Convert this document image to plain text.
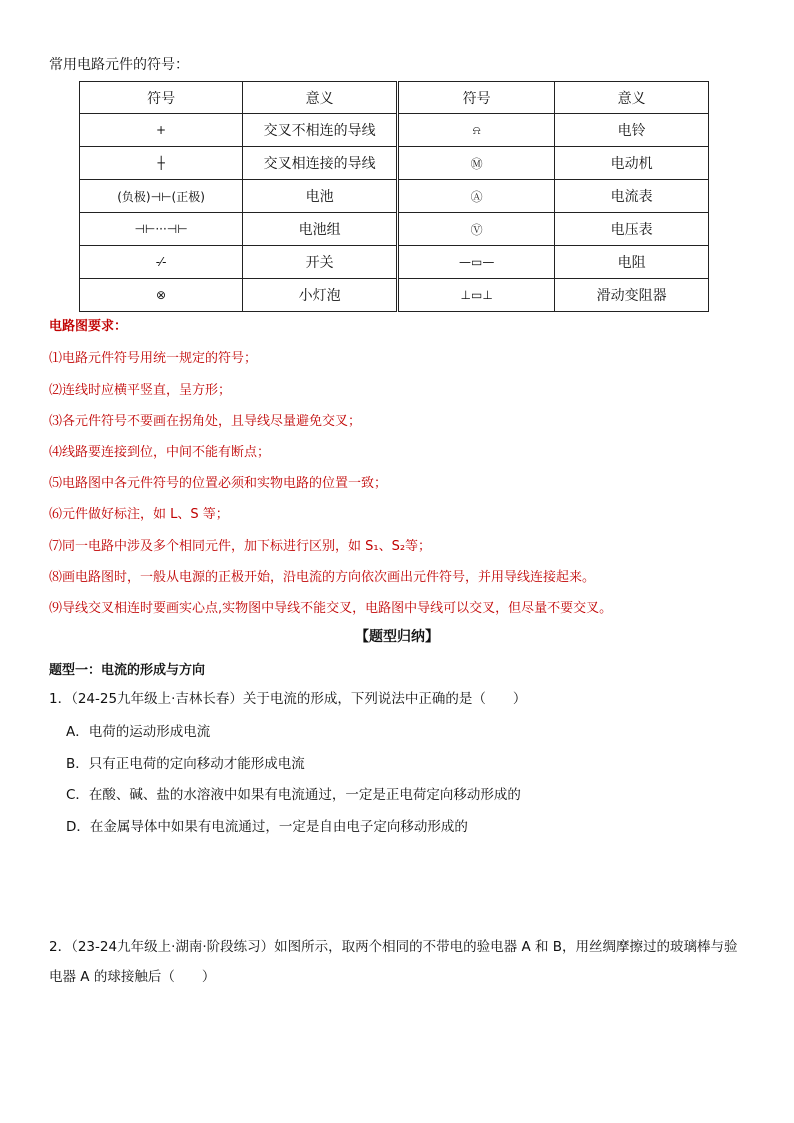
常用电路元件的符号：
符号	意义	符号	意义
+	交叉不相连的导线	⍾	电铃
┼	交叉相连接的导线	Ⓜ	电动机
(负极)⊣⊢(正极)	电池	Ⓐ	电流表
⊣⊢···⊣⊢	电池组	Ⓥ	电压表
-⁄-	开关	—▭—	电阻
⊗	小灯泡	⊥▭⊥	滑动变阻器
电路图要求：
⑴电路元件符号用统一规定的符号；
⑵连线时应横平竖直，呈方形；
⑶各元件符号不要画在拐角处，且导线尽量避免交叉；
⑷线路要连接到位，中间不能有断点；
⑸电路图中各元件符号的位置必须和实物电路的位置一致；
⑹元件做好标注，如 L、S 等；
⑺同一电路中涉及多个相同元件，加下标进行区别，如 S₁、S₂等；
⑻画电路图时，一般从电源的正极开始，沿电流的方向依次画出元件符号，并用导线连接起来。
⑼导线交叉相连时要画实心点,实物图中导线不能交叉，电路图中导线可以交叉，但尽量不要交叉。
【题型归纳】
题型一：电流的形成与方向
1．（24-25九年级上·吉林长春）关于电流的形成，下列说法中正确的是（　　）
A．电荷的运动形成电流
B．只有正电荷的定向移动才能形成电流
C．在酸、碱、盐的水溶液中如果有电流通过，一定是正电荷定向移动形成的
D．在金属导体中如果有电流通过，一定是自由电子定向移动形成的
2．（23-24九年级上·湖南·阶段练习）如图所示，取两个相同的不带电的验电器 A 和 B，用丝绸摩擦过的玻璃棒与验电器 A 的球接触后（　　）
